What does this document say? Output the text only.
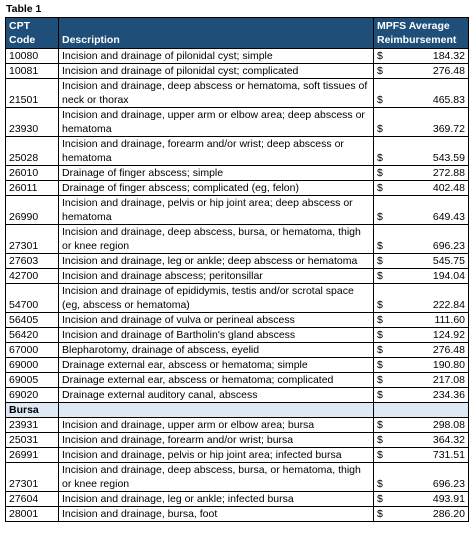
Table 1
CPT
Code	Description	MPFS Average
Reimbursement

10080	Incision and drainage of pilonidal cyst; simple	$ 184.32

10081	Incision and drainage of pilonidal cyst; complicated	$ 276.48

21501	Incision and drainage, deep abscess or hematoma, soft tissues of neck or thorax	$ 465.83

23930	Incision and drainage, upper arm or elbow area; deep abscess or hematoma	$ 369.72

25028	Incision and drainage, forearm and/or wrist; deep abscess or hematoma	$ 543.59

26010	Drainage of finger abscess; simple	$ 272.88

26011	Drainage of finger abscess; complicated (eg, felon)	$ 402.48

26990	Incision and drainage, pelvis or hip joint area; deep abscess or hematoma	$ 649.43

27301	Incision and drainage, deep abscess, bursa, or hematoma, thigh or knee region	$ 696.23

27603	Incision and drainage, leg or ankle; deep abscess or hematoma	$ 545.75

42700	Incision and drainage abscess; peritonsillar	$ 194.04

54700	Incision and drainage of epididymis, testis and/or scrotal space (eg, abscess or hematoma)	$ 222.84

56405	Incision and drainage of vulva or perineal abscess	$ 111.60

56420	Incision and drainage of Bartholin's gland abscess	$ 124.92

67000	Blepharotomy, drainage of abscess, eyelid	$ 276.48

69000	Drainage external ear, abscess or hematoma; simple	$ 190.80

69005	Drainage external ear, abscess or hematoma; complicated	$ 217.08

69020	Drainage external auditory canal, abscess	$ 234.36

Bursa		
23931	Incision and drainage, upper arm or elbow area; bursa	$ 298.08

25031	Incision and drainage, forearm and/or wrist; bursa	$ 364.32

26991	Incision and drainage, pelvis or hip joint area; infected bursa	$ 731.51

27301	Incision and drainage, deep abscess, bursa, or hematoma, thigh or knee region	$ 696.23

27604	Incision and drainage, leg or ankle; infected bursa	$ 493.91

28001	Incision and drainage, bursa, foot	$ 286.20
